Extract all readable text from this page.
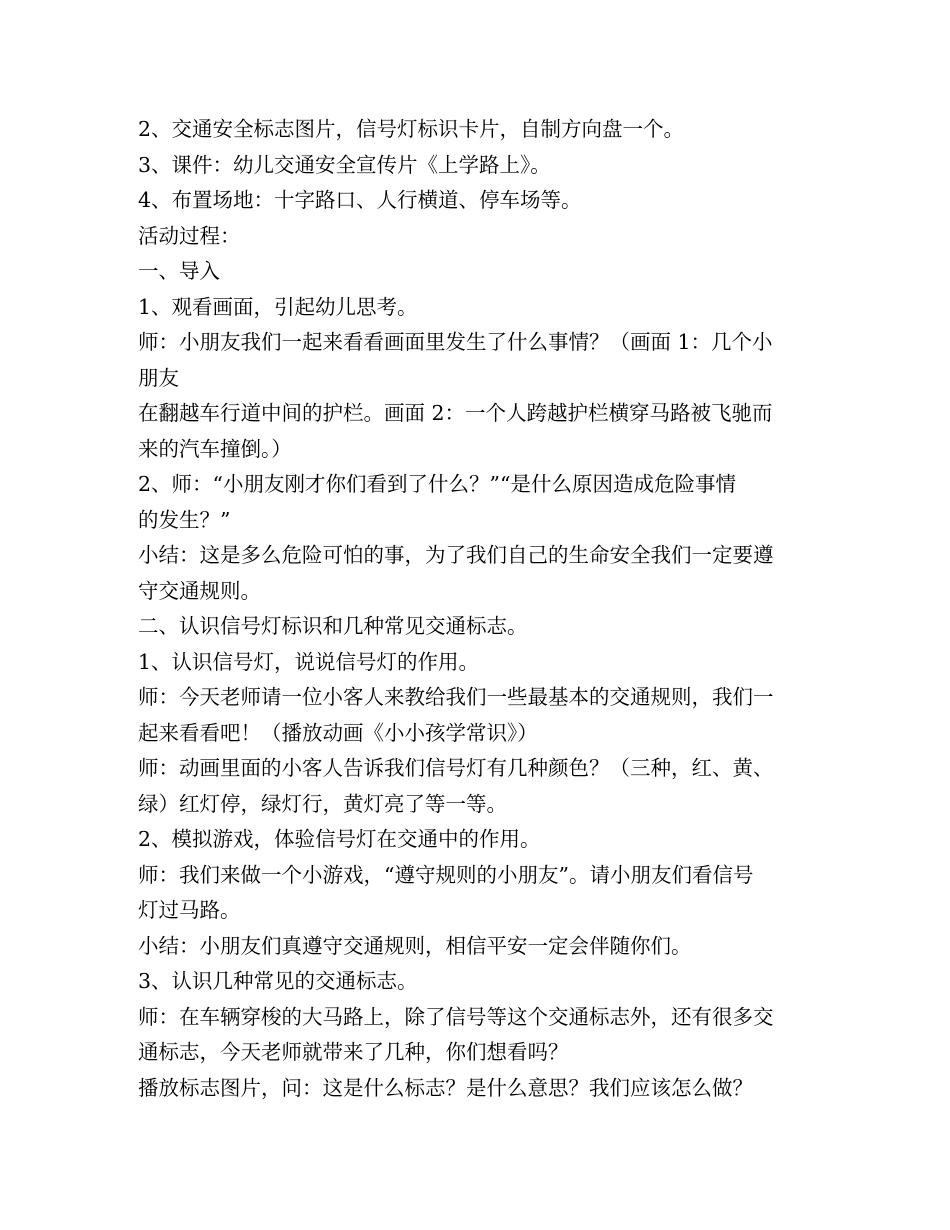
2、交通安全标志图片，信号灯标识卡片，自制方向盘一个。
3、课件：幼儿交通安全宣传片《上学路上》。
4、布置场地：十字路口、人行横道、停车场等。
活动过程：
一、导入
1、观看画面，引起幼儿思考。
师：小朋友我们一起来看看画面里发生了什么事情？（画面 1：几个小
朋友
在翻越车行道中间的护栏。画面 2：一个人跨越护栏横穿马路被飞驰而
来的汽车撞倒。）
2、师：“小朋友刚才你们看到了什么？”“是什么原因造成危险事情
的发生？”
小结：这是多么危险可怕的事，为了我们自己的生命安全我们一定要遵
守交通规则。
二、认识信号灯标识和几种常见交通标志。
1、认识信号灯，说说信号灯的作用。
师：今天老师请一位小客人来教给我们一些最基本的交通规则，我们一
起来看看吧！（播放动画《小小孩学常识》）
师：动画里面的小客人告诉我们信号灯有几种颜色？（三种，红、黄、
绿）红灯停，绿灯行，黄灯亮了等一等。
2、模拟游戏，体验信号灯在交通中的作用。
师：我们来做一个小游戏，“遵守规则的小朋友”。请小朋友们看信号
灯过马路。
小结：小朋友们真遵守交通规则，相信平安一定会伴随你们。
3、认识几种常见的交通标志。
师：在车辆穿梭的大马路上，除了信号等这个交通标志外，还有很多交
通标志，今天老师就带来了几种，你们想看吗？
播放标志图片，问：这是什么标志？是什么意思？我们应该怎么做？
